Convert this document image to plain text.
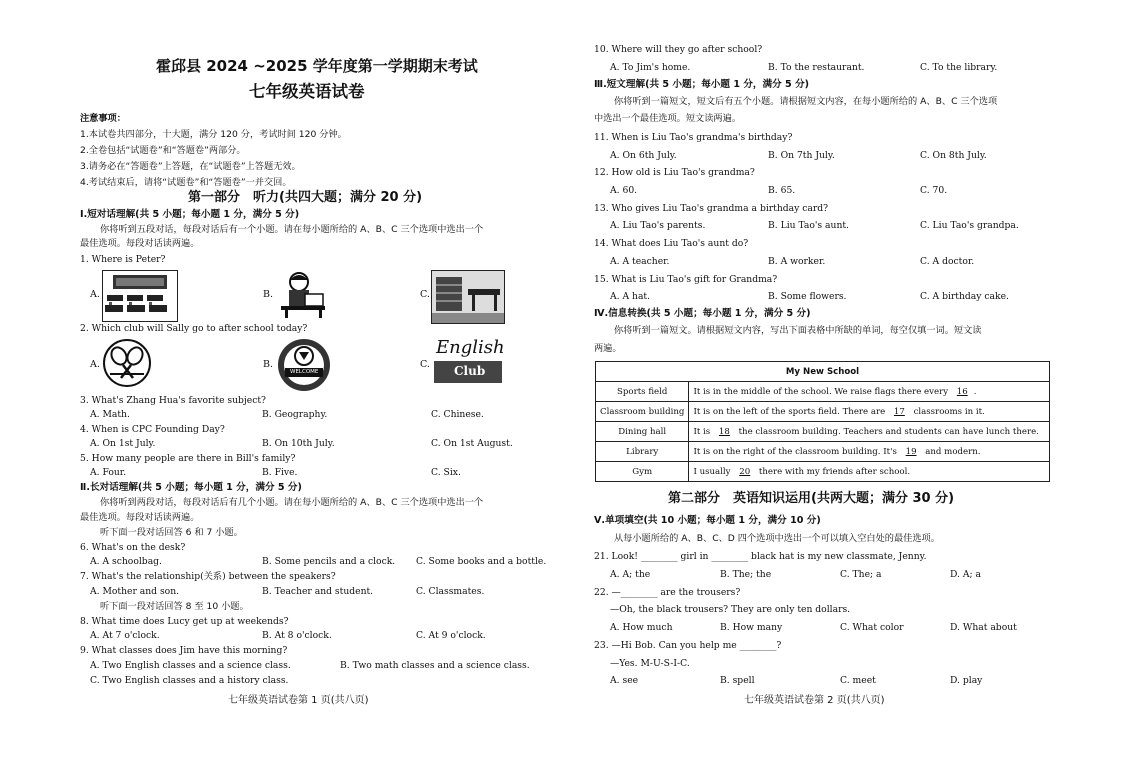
霍邱县 2024 ~2025 学年度第一学期期末考试
七年级英语试卷
注意事项：
1.本试卷共四部分，十大题，满分 120 分，考试时间 120 分钟。
2.全卷包括“试题卷”和“答题卷”两部分。
3.请务必在“答题卷”上答题，在“试题卷”上答题无效。
4.考试结束后，请将“试题卷”和“答题卷”一并交回。
第一部分　听力(共四大题；满分 20 分)
Ⅰ.短对话理解(共 5 小题；每小题 1 分，满分 5 分)
你将听到五段对话，每段对话后有一个小题。请在每小题所给的 A、B、C 三个选项中选出一个
最佳选项。每段对话读两遍。
1. Where is Peter?
A.	B.	C.
2. Which club will Sally go to after school today?
A.	B.
WELCOME
C.
English
Club
3. What's Zhang Hua's favorite subject?
A. Math.	B. Geography.	C. Chinese.
4. When is CPC Founding Day?
A. On 1st July.	B. On 10th July.	C. On 1st August.
5. How many people are there in Bill's family?
A. Four.	B. Five.	C. Six.
Ⅱ.长对话理解(共 5 小题；每小题 1 分，满分 5 分)
你将听到两段对话，每段对话后有几个小题。请在每小题所给的 A、B、C 三个选项中选出一个
最佳选项。每段对话读两遍。
听下面一段对话回答 6 和 7 小题。
6. What's on the desk?
A. A schoolbag.	B. Some pencils and a clock. C. Some books and a bottle.
7. What's the relationship(关系) between the speakers?
A. Mother and son.	B. Teacher and student.	C. Classmates.
听下面一段对话回答 8 至 10 小题。
8. What time does Lucy get up at weekends?
A. At 7 o'clock.	B. At 8 o'clock.	C. At 9 o'clock.
9. What classes does Jim have this morning?
A. Two English classes and a science class.	B. Two math classes and a science class.
C. Two English classes and a history class.
七年级英语试卷第 1 页(共八页)
10. Where will they go after school?
A. To Jim's home.	B. To the restaurant.	C. To the library.
Ⅲ.短文理解(共 5 小题；每小题 1 分，满分 5 分)
你将听到一篇短文，短文后有五个小题。请根据短文内容，在每小题所给的 A、B、C 三个选项
中选出一个最佳选项。短文读两遍。
11. When is Liu Tao's grandma's birthday?
A. On 6th July.	B. On 7th July.	C. On 8th July.
12. How old is Liu Tao's grandma?
A. 60.	B. 65.	C. 70.
13. Who gives Liu Tao's grandma a birthday card?
A. Liu Tao's parents.	B. Liu Tao's aunt.	C. Liu Tao's grandpa.
14. What does Liu Tao's aunt do?
A. A teacher.	B. A worker.	C. A doctor.
15. What is Liu Tao's gift for Grandma?
A. A hat.	B. Some flowers.	C. A birthday cake.
Ⅳ.信息转换(共 5 小题；每小题 1 分，满分 5 分)
你将听到一篇短文。请根据短文内容，写出下面表格中所缺的单词，每空仅填一词。短文读
两遍。
My New School	
Sports field	It is in the middle of the school. We raise flags there every 16 .
Classroom building	It is on the left of the sports field. There are 17 classrooms in it.
Dining hall	It is 18 the classroom building. Teachers and students can have lunch there.
Library	It is on the right of the classroom building. It's 19 and modern.
Gym	I usually 20 there with my friends after school.
第二部分　英语知识运用(共两大题；满分 30 分)
Ⅴ.单项填空(共 10 小题；每小题 1 分，满分 10 分)
从每小题所给的 A、B、C、D 四个选项中选出一个可以填入空白处的最佳选项。
21. Look! ________ girl in ________ black hat is my new classmate, Jenny.
A. A; the	B. The; the	C. The; a	D. A; a
22. —________ are the trousers?
—Oh, the black trousers? They are only ten dollars.
A. How much	B. How many	C. What color	D. What about
23. —Hi Bob. Can you help me ________?
—Yes. M-U-S-I-C.
A. see	B. spell	C. meet	D. play
七年级英语试卷第 2 页(共八页)
